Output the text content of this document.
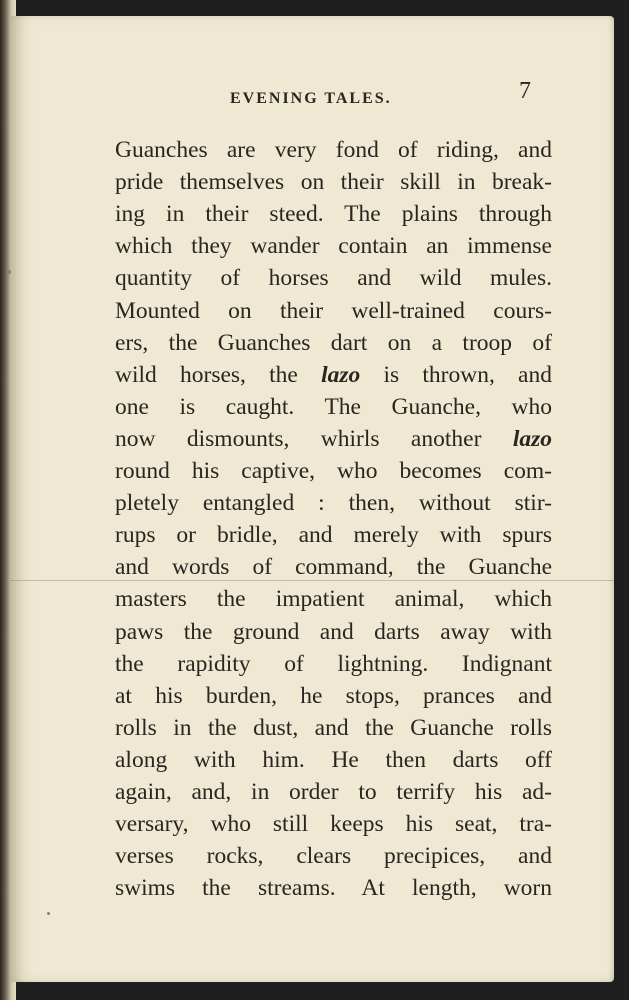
EVENING TALES.	7
Guanches are very fond of riding, and
pride themselves on their skill in break-
ing in their steed. The plains through
which they wander contain an immense
quantity of horses and wild mules.
Mounted on their well-trained cours-
ers, the Guanches dart on a troop of
wild horses, the lazo is thrown, and
one is caught. The Guanche, who
now dismounts, whirls another lazo
round his captive, who becomes com-
pletely entangled : then, without stir-
rups or bridle, and merely with spurs
and words of command, the Guanche
masters the impatient animal, which
paws the ground and darts away with
the rapidity of lightning. Indignant
at his burden, he stops, prances and
rolls in the dust, and the Guanche rolls
along with him. He then darts off
again, and, in order to terrify his ad-
versary, who still keeps his seat, tra-
verses rocks, clears precipices, and
swims the streams. At length, worn
